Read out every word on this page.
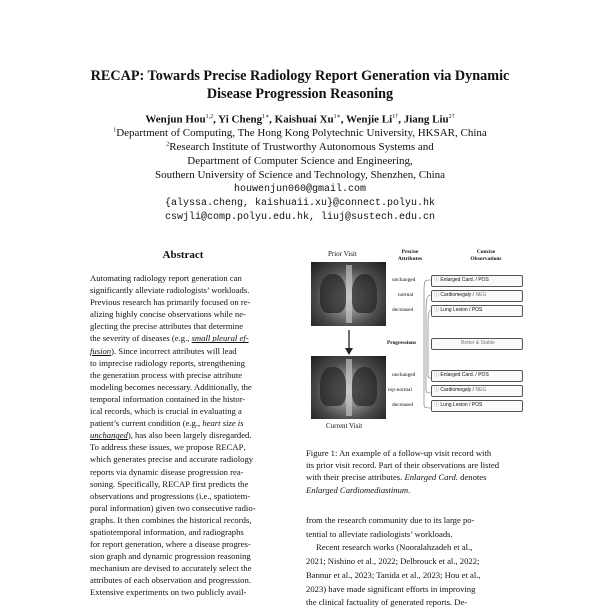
RECAP: Towards Precise Radiology Report Generation via Dynamic
Disease Progression Reasoning
Wenjun Hou$^{1,2}$, Yi Cheng$^{1∗}$, Kaishuai $Xu^{1∗}$, Wenjie $Li^{1\dagger}$, Jiang Liu$^{2\dagger}$
$^1$Department of Computing, The Hong Kong Polytechnic University, HKSAR, China
$^2$Research Institute of Trustworthy Autonomous Systems and
Department of Computer Science and Engineering,
Southern University of Science and Technology, Shenzhen, China
houwenjun060@gmail.com
{alyssa.cheng, kaishuaii.xu}@connect.polyu.hk
cswjli@comp.polyu.edu.hk, liuj@sustech.edu.cn
Abstract
Automating radiology report generation can
significantly alleviate radiologists’ workloads.
Previous research has primarily focused on re-
alizing highly concise observations while ne-
glecting the precise attributes that determine
the severity of diseases (e.g., small pleural ef-
fusion). Since incorrect attributes will lead
to imprecise radiology reports, strengthening
the generation process with precise attribute
modeling becomes necessary. Additionally, the
temporal information contained in the histor-
ical records, which is crucial in evaluating a
patient’s current condition (e.g., heart size is
unchanged), has also been largely disregarded.
To address these issues, we propose RECAP,
which generates precise and accurate radiology
reports via dynamic disease progression rea-
soning. Specifically, RECAP first predicts the
observations and progressions (i.e., spatiotem-
poral information) given two consecutive radio-
graphs. It then combines the historical records,
spatiotemporal information, and radiographs
for report generation, where a disease progres-
sion graph and dynamic progression reasoning
mechanism are devised to accurately select the
attributes of each observation and progression.
Extensive experiments on two publicly avail-
Prior Visit
Current Visit
Precise
Attributes
Concise
Observations
unchanged
normal
decreased
ⓘ Enlarged Card. / POS
ⓘ Cardiomegaly / NEG
ⓘ Lung Lesion / POS
Progressions	Better & Stable
unchanged
top-normal
decreased
ⓘ Enlarged Card. / POS
ⓘ Cardiomegaly / NEG
ⓘ Lung Lesion / POS
Figure 1: An example of a follow-up visit record with
its prior visit record. Part of their observations are listed
with their precise attributes. Enlarged Card. denotes
Enlarged Cardiomediastinum.
from the research community due to its large po-
tential to alleviate radiologists’ workloads.
Recent research works (Nooralahzadeh et al.,
2021; Nishino et al., 2022; Delbrouck et al., 2022;
Bannur et al., 2023; Tanida et al., 2023; Hou et al.,
2023) have made significant efforts in improving
the clinical factuality of generated reports. De-
